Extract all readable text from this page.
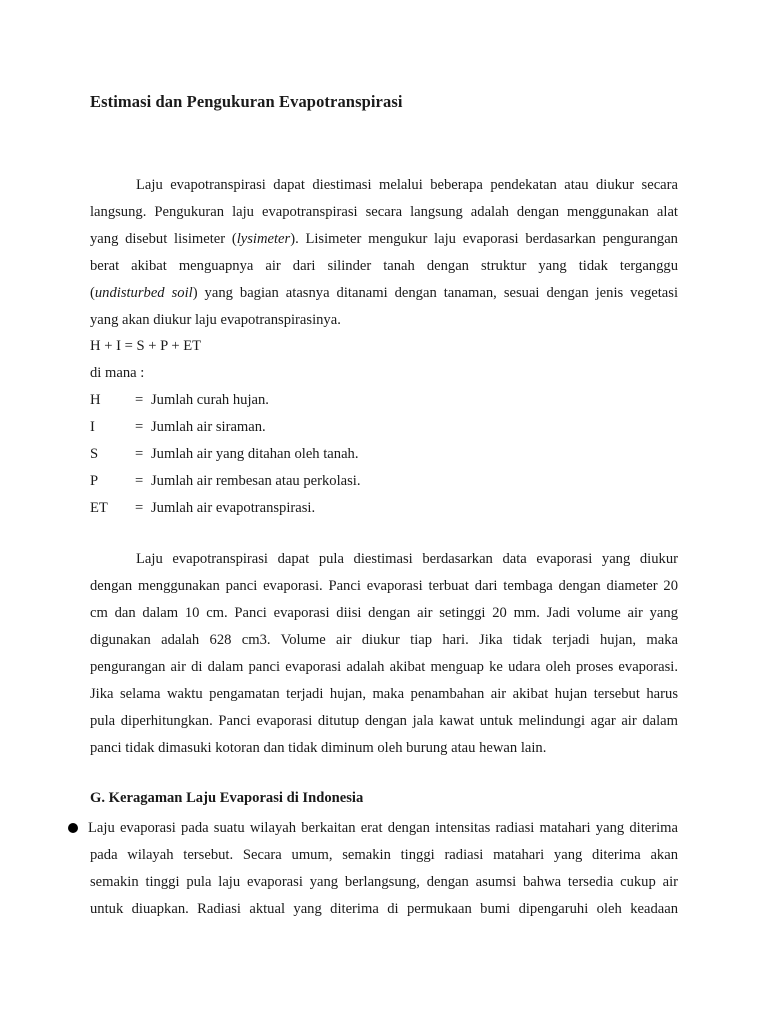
Estimasi dan Pengukuran Evapotranspirasi
Laju evapotranspirasi dapat diestimasi melalui beberapa pendekatan atau diukur secara
langsung. Pengukuran laju evapotranspirasi secara langsung adalah dengan menggunakan alat
yang disebut lisimeter (lysimeter). Lisimeter mengukur laju evaporasi berdasarkan pengurangan
berat akibat menguapnya air dari silinder tanah dengan struktur yang tidak terganggu
(undisturbed soil) yang bagian atasnya ditanami dengan tanaman, sesuai dengan jenis vegetasi
yang akan diukur laju evapotranspirasinya.
H + I = S + P + ET
di mana :
H = Jumlah curah hujan.
I	= Jumlah air siraman.
S	= Jumlah air yang ditahan oleh tanah.
P	= Jumlah air rembesan atau perkolasi.
ET = Jumlah air evapotranspirasi.
Laju evapotranspirasi dapat pula diestimasi berdasarkan data evaporasi yang diukur
dengan menggunakan panci evaporasi. Panci evaporasi terbuat dari tembaga dengan diameter 20
cm dan dalam 10 cm. Panci evaporasi diisi dengan air setinggi 20 mm. Jadi volume air yang
digunakan adalah 628 cm3. Volume air diukur tiap hari. Jika tidak terjadi hujan, maka
pengurangan air di dalam panci evaporasi adalah akibat menguap ke udara oleh proses evaporasi.
Jika selama waktu pengamatan terjadi hujan, maka penambahan air akibat hujan tersebut harus
pula diperhitungkan. Panci evaporasi ditutup dengan jala kawat untuk melindungi agar air dalam
panci tidak dimasuki kotoran dan tidak diminum oleh burung atau hewan lain.
G. Keragaman Laju Evaporasi di Indonesia
Laju evaporasi pada suatu wilayah berkaitan erat dengan intensitas radiasi matahari yang diterima
pada wilayah tersebut. Secara umum, semakin tinggi radiasi matahari yang diterima akan
semakin tinggi pula laju evaporasi yang berlangsung, dengan asumsi bahwa tersedia cukup air
untuk diuapkan. Radiasi aktual yang diterima di permukaan bumi dipengaruhi oleh keadaan
